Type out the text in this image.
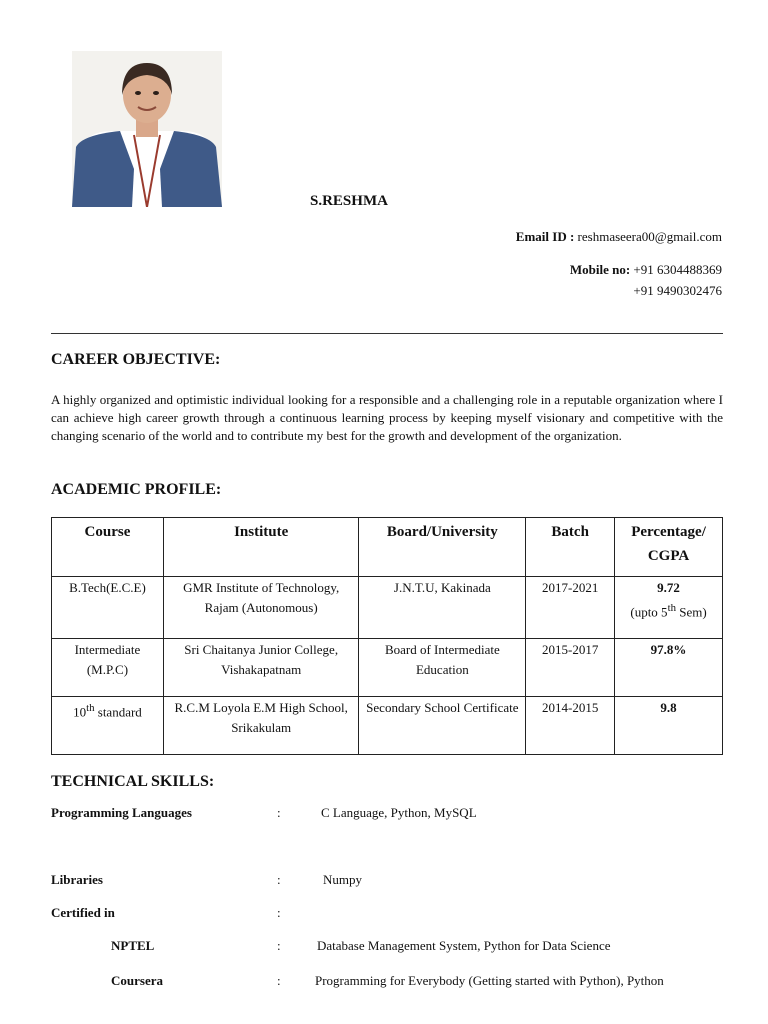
S.RESHMA
Email ID : reshmaseera00@gmail.com
Mobile no: +91 6304488369
+91 9490302476
CAREER OBJECTIVE:
A highly organized and optimistic individual looking for a responsible and a challenging role in a reputable organization where I can achieve high career growth through a continuous learning process by keeping myself visionary and competitive with the changing scenario of the world and to contribute my best for the growth and development of the organization.
ACADEMIC PROFILE:
Course	Institute	Board/University	Batch	Percentage/ CGPA
B.Tech(E.C.E)	GMR Institute of Technology, Rajam (Autonomous)	J.N.T.U, Kakinada	2017-2021	9.72
(upto 5th Sem)

Intermediate (M.P.C)	Sri Chaitanya Junior College, Vishakapatnam	Board of Intermediate Education	2015-2017	97.8%
10th standard	R.C.M Loyola E.M High School, Srikakulam	Secondary School Certificate	2014-2015	9.8
TECHNICAL SKILLS:
Programming Languages	:	C Language, Python, MySQL
Libraries	:	Numpy
Certified in	:
NPTEL	:	Database Management System, Python for Data Science
Coursera	:	Programming for Everybody (Getting started with Python), Python
